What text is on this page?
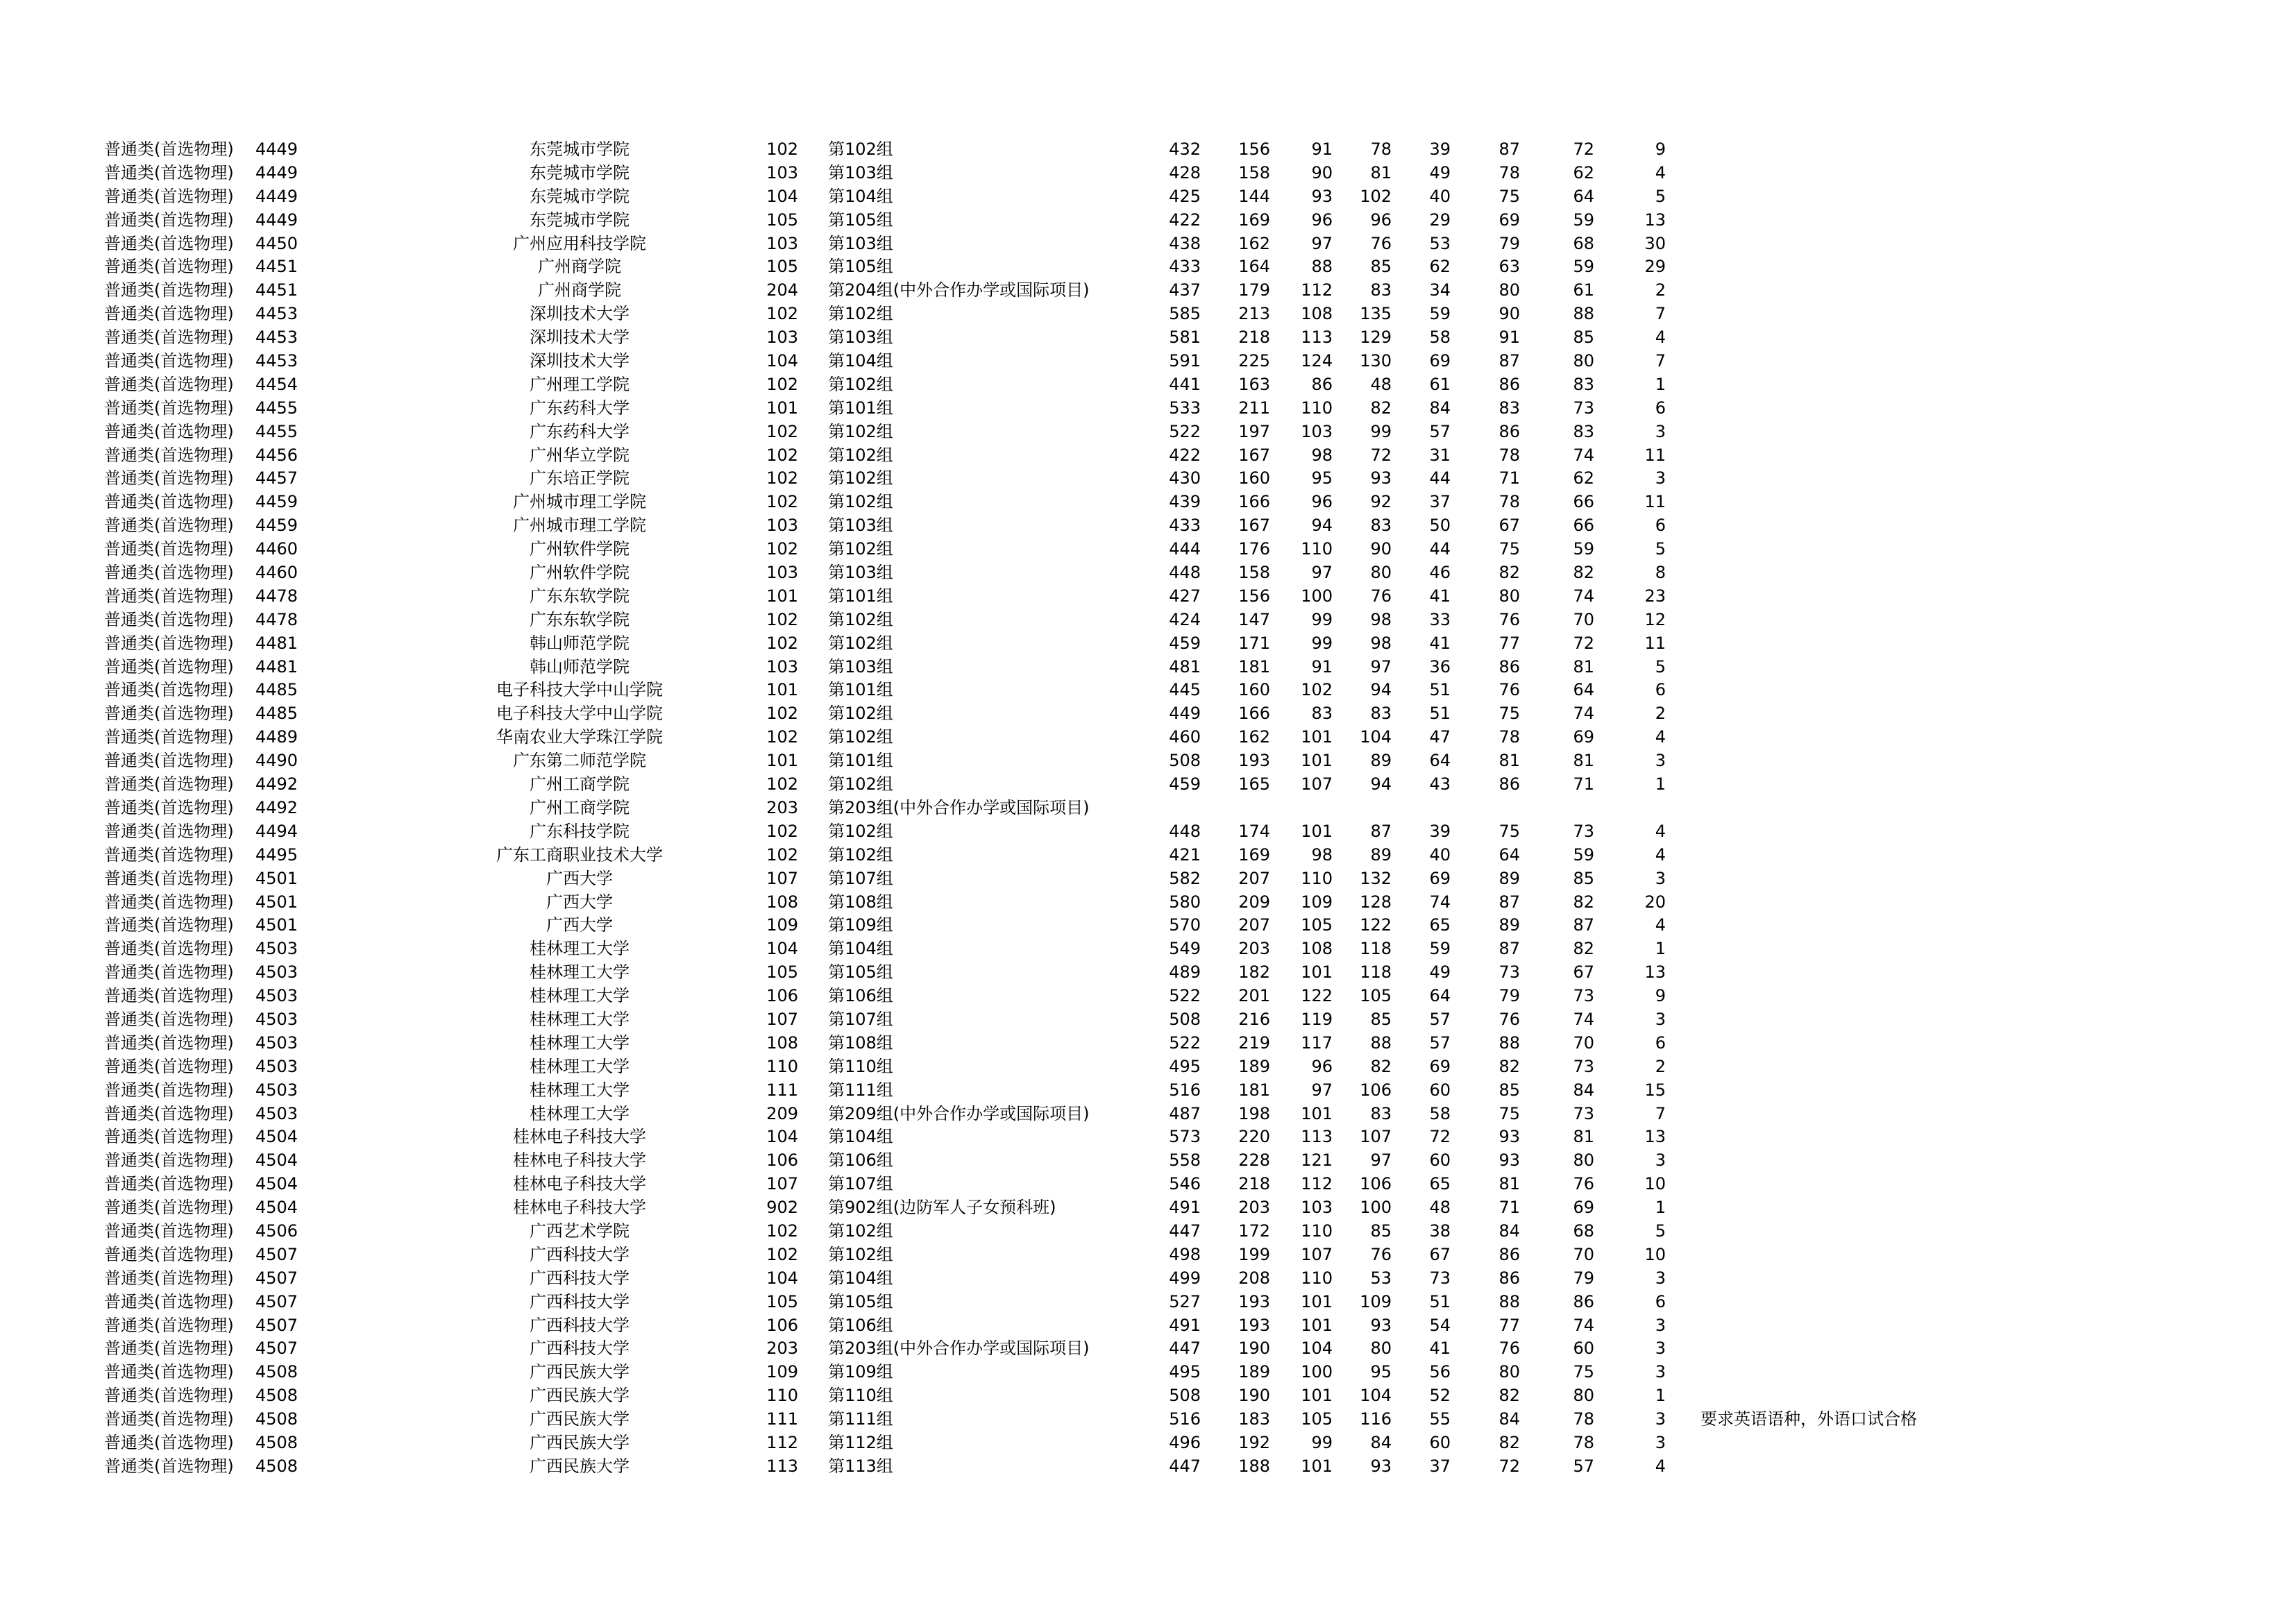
普通类(首选物理)	4449	东莞城市学院	102 第102组	432	156	91	78	39	87	72	9
普通类(首选物理)	4449	东莞城市学院	103 第103组	428	158	90	81	49	78	62	4
普通类(首选物理)	4449	东莞城市学院	104 第104组	425	144	93	102	40	75	64	5
普通类(首选物理)	4449	东莞城市学院	105 第105组	422	169	96	96	29	69	59	13
普通类(首选物理)	4450	广州应用科技学院	103 第103组	438	162	97	76	53	79	68	30
普通类(首选物理)	4451	广州商学院	105 第105组	433	164	88	85	62	63	59	29
普通类(首选物理)	4451	广州商学院	204 第204组(中外合作办学或国际项目)	437	179	112	83	34	80	61	2
普通类(首选物理)	4453	深圳技术大学	102 第102组	585	213	108	135	59	90	88	7
普通类(首选物理)	4453	深圳技术大学	103 第103组	581	218	113	129	58	91	85	4
普通类(首选物理)	4453	深圳技术大学	104 第104组	591	225	124	130	69	87	80	7
普通类(首选物理)	4454	广州理工学院	102 第102组	441	163	86	48	61	86	83	1
普通类(首选物理)	4455	广东药科大学	101 第101组	533	211	110	82	84	83	73	6
普通类(首选物理)	4455	广东药科大学	102 第102组	522	197	103	99	57	86	83	3
普通类(首选物理)	4456	广州华立学院	102 第102组	422	167	98	72	31	78	74	11
普通类(首选物理)	4457	广东培正学院	102 第102组	430	160	95	93	44	71	62	3
普通类(首选物理)	4459	广州城市理工学院	102 第102组	439	166	96	92	37	78	66	11
普通类(首选物理)	4459	广州城市理工学院	103 第103组	433	167	94	83	50	67	66	6
普通类(首选物理)	4460	广州软件学院	102 第102组	444	176	110	90	44	75	59	5
普通类(首选物理)	4460	广州软件学院	103 第103组	448	158	97	80	46	82	82	8
普通类(首选物理)	4478	广东东软学院	101 第101组	427	156	100	76	41	80	74	23
普通类(首选物理)	4478	广东东软学院	102 第102组	424	147	99	98	33	76	70	12
普通类(首选物理)	4481	韩山师范学院	102 第102组	459	171	99	98	41	77	72	11
普通类(首选物理)	4481	韩山师范学院	103 第103组	481	181	91	97	36	86	81	5
普通类(首选物理)	4485	电子科技大学中山学院	101 第101组	445	160	102	94	51	76	64	6
普通类(首选物理)	4485	电子科技大学中山学院	102 第102组	449	166	83	83	51	75	74	2
普通类(首选物理)	4489	华南农业大学珠江学院	102 第102组	460	162	101	104	47	78	69	4
普通类(首选物理)	4490	广东第二师范学院	101 第101组	508	193	101	89	64	81	81	3
普通类(首选物理)	4492	广州工商学院	102 第102组	459	165	107	94	43	86	71	1
普通类(首选物理)	4492	广州工商学院	203 第203组(中外合作办学或国际项目)
普通类(首选物理)	4494	广东科技学院	102 第102组	448	174	101	87	39	75	73	4
普通类(首选物理)	4495	广东工商职业技术大学	102 第102组	421	169	98	89	40	64	59	4
普通类(首选物理)	4501	广西大学	107 第107组	582	207	110	132	69	89	85	3
普通类(首选物理)	4501	广西大学	108 第108组	580	209	109	128	74	87	82	20
普通类(首选物理)	4501	广西大学	109 第109组	570	207	105	122	65	89	87	4
普通类(首选物理)	4503	桂林理工大学	104 第104组	549	203	108	118	59	87	82	1
普通类(首选物理)	4503	桂林理工大学	105 第105组	489	182	101	118	49	73	67	13
普通类(首选物理)	4503	桂林理工大学	106 第106组	522	201	122	105	64	79	73	9
普通类(首选物理)	4503	桂林理工大学	107 第107组	508	216	119	85	57	76	74	3
普通类(首选物理)	4503	桂林理工大学	108 第108组	522	219	117	88	57	88	70	6
普通类(首选物理)	4503	桂林理工大学	110 第110组	495	189	96	82	69	82	73	2
普通类(首选物理)	4503	桂林理工大学	111 第111组	516	181	97	106	60	85	84	15
普通类(首选物理)	4503	桂林理工大学	209 第209组(中外合作办学或国际项目)	487	198	101	83	58	75	73	7
普通类(首选物理)	4504	桂林电子科技大学	104 第104组	573	220	113	107	72	93	81	13
普通类(首选物理)	4504	桂林电子科技大学	106 第106组	558	228	121	97	60	93	80	3
普通类(首选物理)	4504	桂林电子科技大学	107 第107组	546	218	112	106	65	81	76	10
普通类(首选物理)	4504	桂林电子科技大学	902 第902组(边防军人子女预科班)	491	203	103	100	48	71	69	1
普通类(首选物理)	4506	广西艺术学院	102 第102组	447	172	110	85	38	84	68	5
普通类(首选物理)	4507	广西科技大学	102 第102组	498	199	107	76	67	86	70	10
普通类(首选物理)	4507	广西科技大学	104 第104组	499	208	110	53	73	86	79	3
普通类(首选物理)	4507	广西科技大学	105 第105组	527	193	101	109	51	88	86	6
普通类(首选物理)	4507	广西科技大学	106 第106组	491	193	101	93	54	77	74	3
普通类(首选物理)	4507	广西科技大学	203 第203组(中外合作办学或国际项目)	447	190	104	80	41	76	60	3
普通类(首选物理)	4508	广西民族大学	109 第109组	495	189	100	95	56	80	75	3
普通类(首选物理)	4508	广西民族大学	110 第110组	508	190	101	104	52	82	80	1
普通类(首选物理)	4508	广西民族大学	111 第111组	516	183	105	116	55	84	78	3 要求英语语种，外语口试合格
普通类(首选物理)	4508	广西民族大学	112 第112组	496	192	99	84	60	82	78	3
普通类(首选物理)	4508	广西民族大学	113 第113组	447	188	101	93	37	72	57	4
